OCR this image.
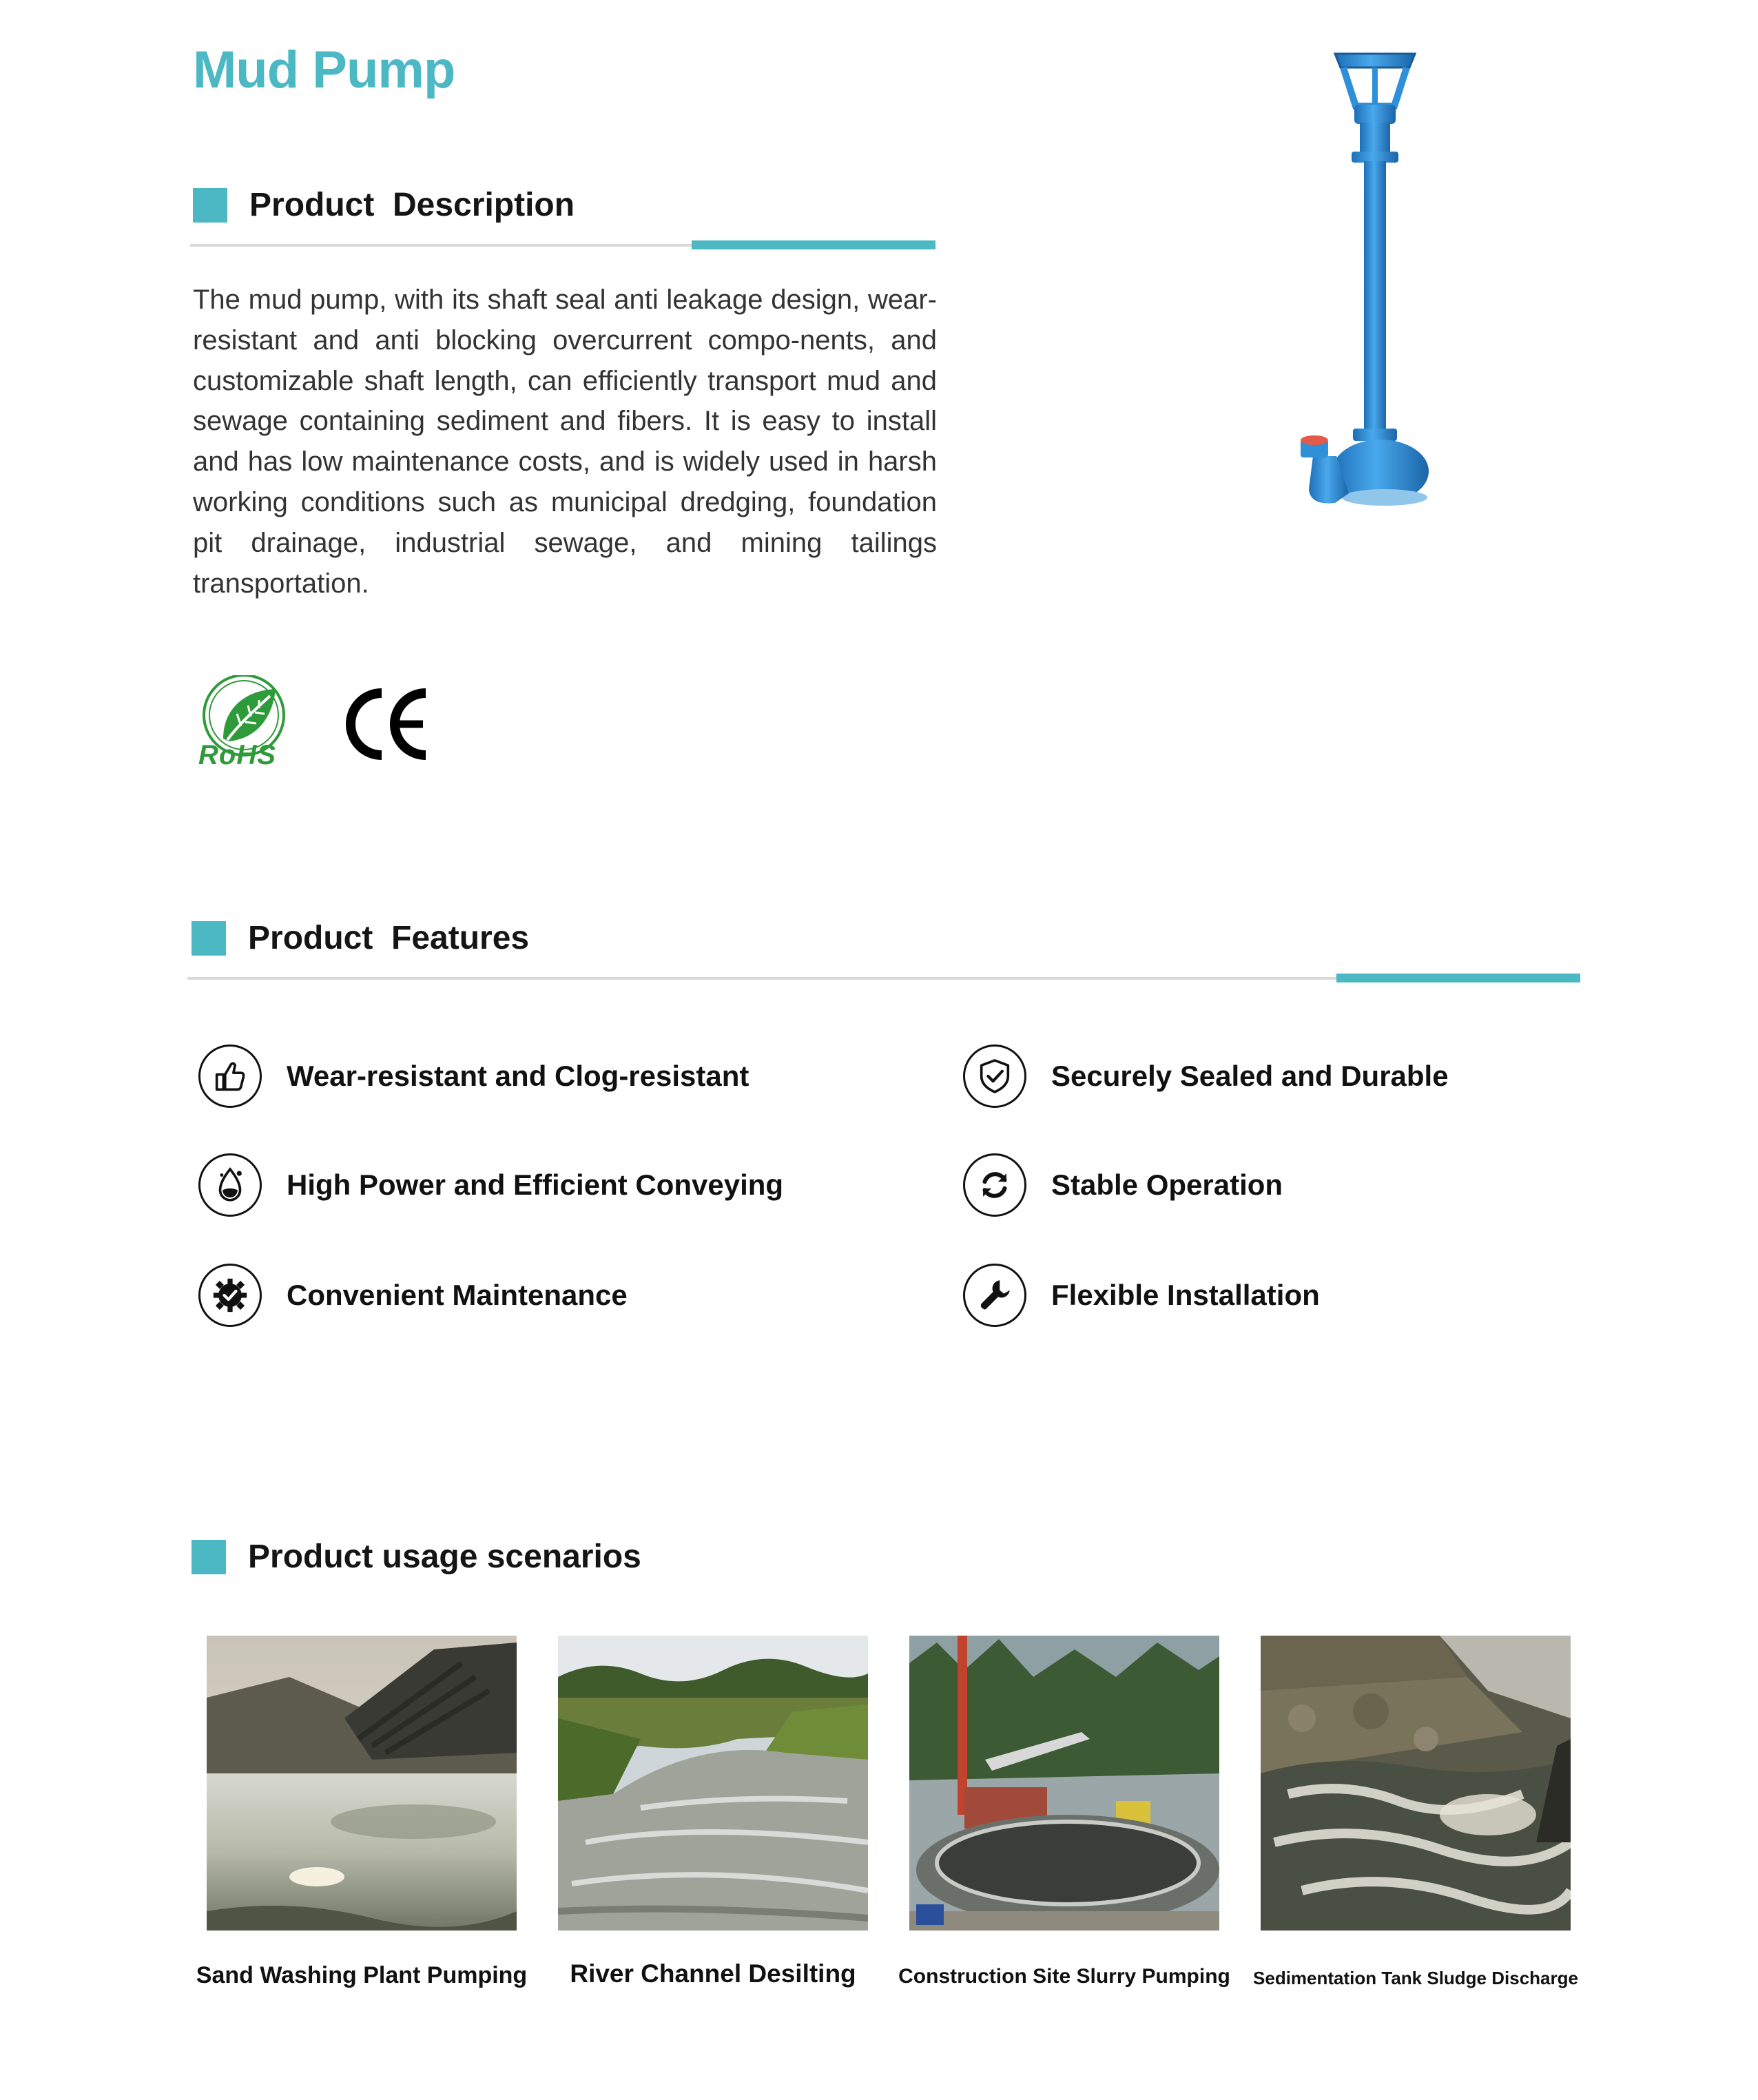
Mud Pump
Product  Description
The mud pump, with its shaft seal anti leakage design, wear-resistant and anti blocking overcurrent compo-nents, and customizable shaft length, can efficiently transport mud and sewage containing sediment and fibers. It is easy to install and has low maintenance costs, and is widely used in harsh working conditions such as municipal dredging, foundation pit drainage, industrial sewage, and mining tailings transportation.
RoHS
Product  Features
Wear-resistant and Clog-resistant	Securely Sealed and Durable
High Power and Efficient Conveying	Stable Operation
Convenient Maintenance	Flexible Installation
Product usage scenarios
Sand Washing Plant Pumping	River Channel Desilting	Construction Site Slurry Pumping	Sedimentation Tank Sludge Discharge
